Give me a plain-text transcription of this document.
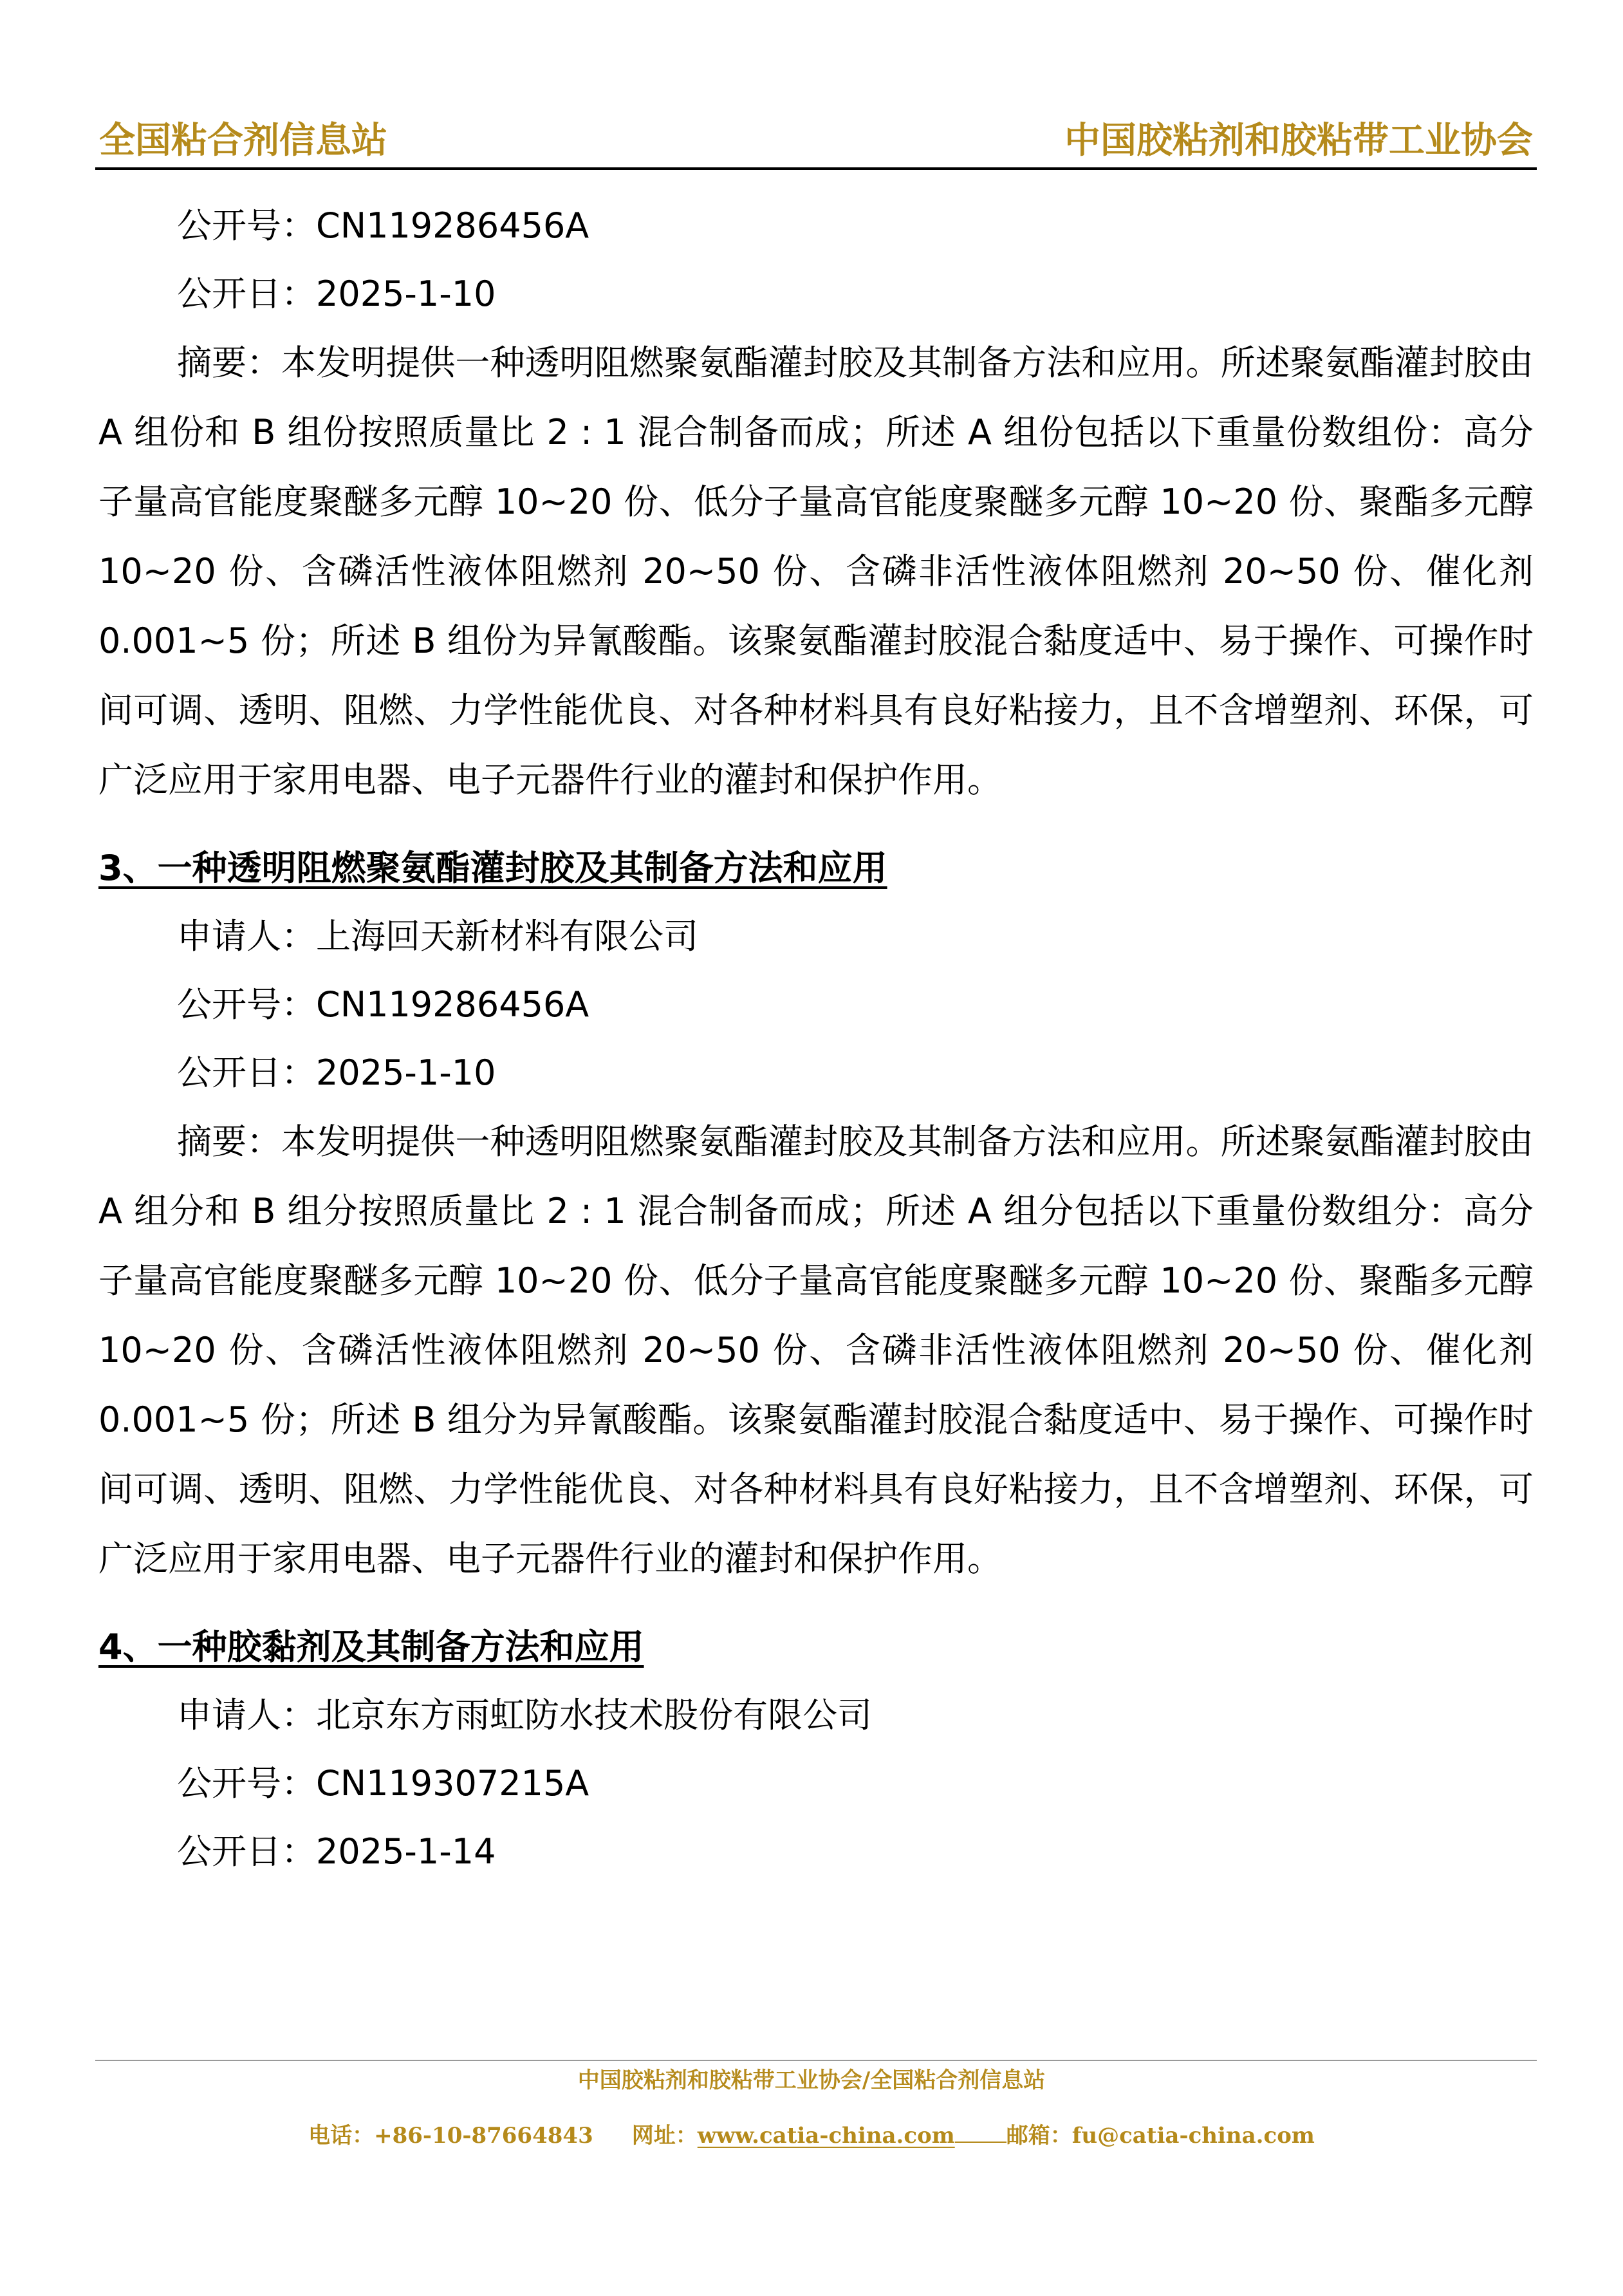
全国粘合剂信息站	中国胶粘剂和胶粘带工业协会
公开号：CN119286456A
公开日：2025-1-10

摘要：本发明提供一种透明阻燃聚氨酯灌封胶及其制备方法和应用。所述聚氨酯灌封胶由 A 组份和 B 组份按照质量比 2 : 1 混合制备而成；所述 A 组份包括以下重量份数组份：高分子量高官能度聚醚多元醇 10~20 份、低分子量高官能度聚醚多元醇 10~20 份、聚酯多元醇 10~20 份、含磷活性液体阻燃剂 20~50 份、含磷非活性液体阻燃剂 20~50 份、催化剂 0.001~5 份；所述 B 组份为异氰酸酯。该聚氨酯灌封胶混合黏度适中、易于操作、可操作时间可调、透明、阻燃、力学性能优良、对各种材料具有良好粘接力，且不含增塑剂、环保，可广泛应用于家用电器、电子元器件行业的灌封和保护作用。

3、一种透明阻燃聚氨酯灌封胶及其制备方法和应用
申请人：上海回天新材料有限公司
公开号：CN119286456A
公开日：2025-1-10

摘要：本发明提供一种透明阻燃聚氨酯灌封胶及其制备方法和应用。所述聚氨酯灌封胶由 A 组分和 B 组分按照质量比 2 : 1 混合制备而成；所述 A 组分包括以下重量份数组分：高分子量高官能度聚醚多元醇 10~20 份、低分子量高官能度聚醚多元醇 10~20 份、聚酯多元醇 10~20 份、含磷活性液体阻燃剂 20~50 份、含磷非活性液体阻燃剂 20~50 份、催化剂 0.001~5 份；所述 B 组分为异氰酸酯。该聚氨酯灌封胶混合黏度适中、易于操作、可操作时间可调、透明、阻燃、力学性能优良、对各种材料具有良好粘接力，且不含增塑剂、环保，可广泛应用于家用电器、电子元器件行业的灌封和保护作用。

4、一种胶黏剂及其制备方法和应用
申请人：北京东方雨虹防水技术股份有限公司
公开号：CN119307215A
公开日：2025-1-14
中国胶粘剂和胶粘带工业协会/全国粘合剂信息站
电话：+86-10-87664843 网址：www.catia-china.com 邮箱：fu@catia-china.com
